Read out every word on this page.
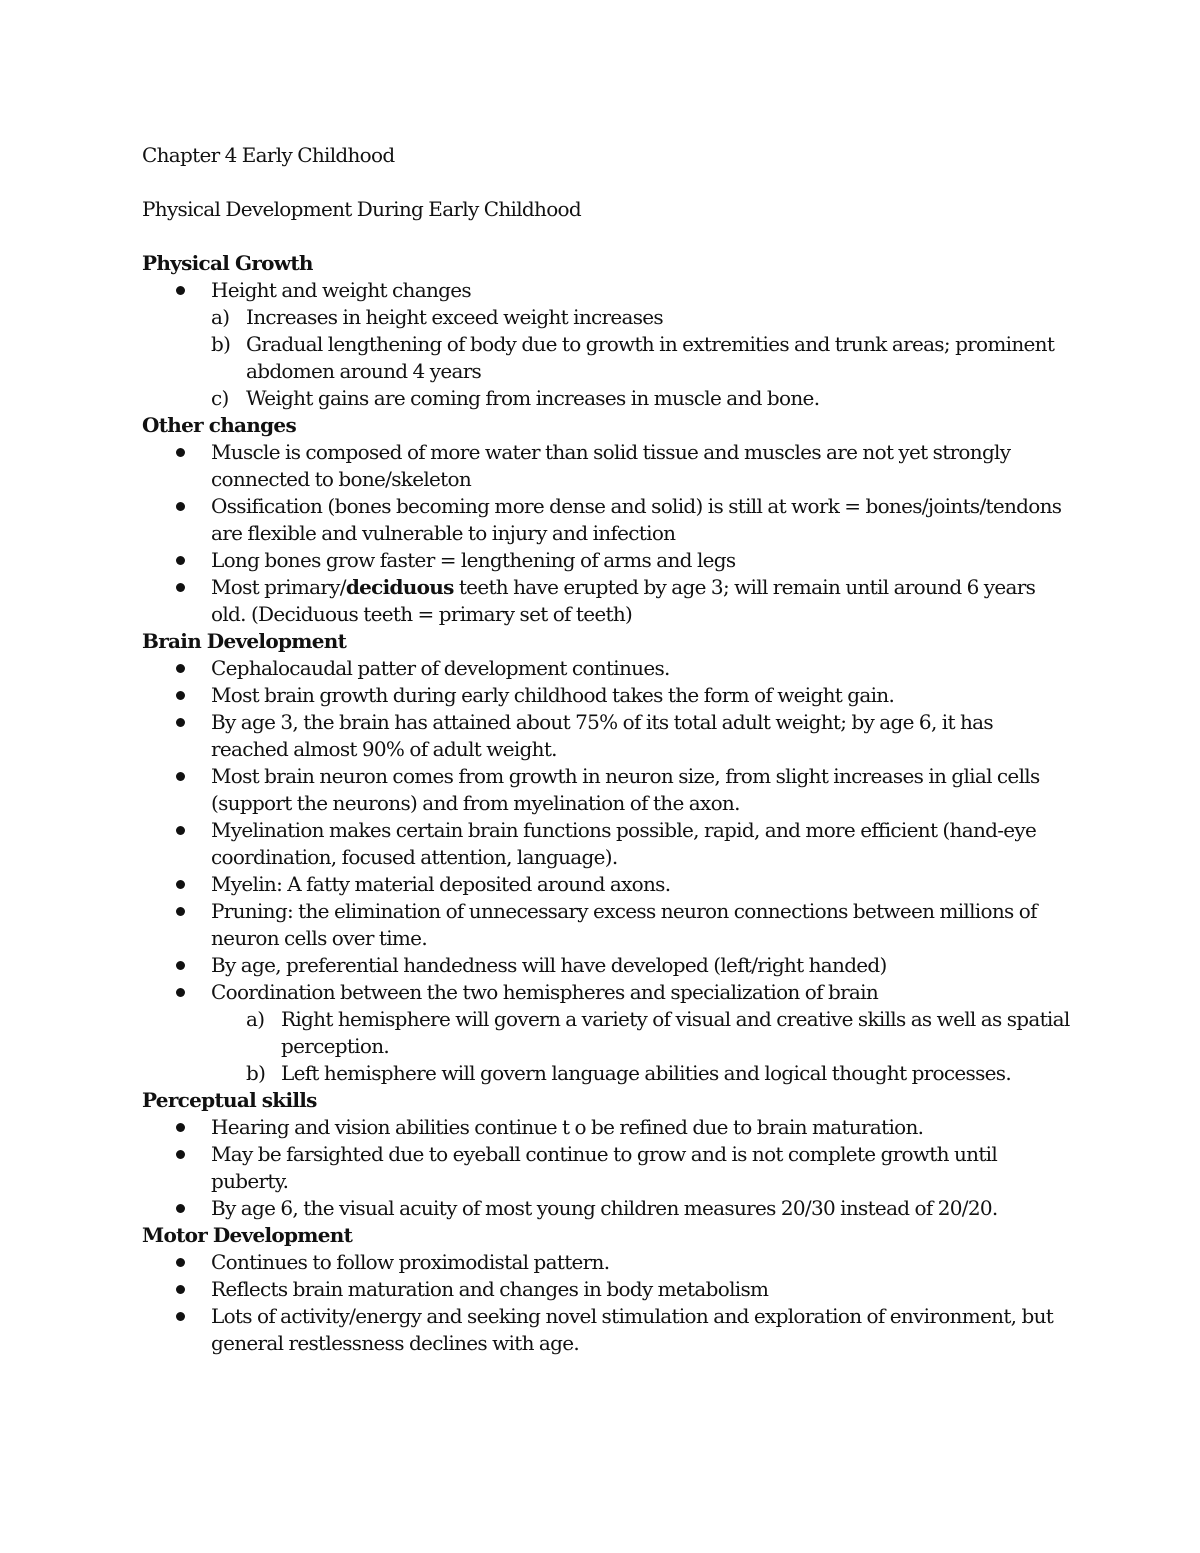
Chapter 4 Early Childhood

Physical Development During Early Childhood

Physical Growth

Height and weight changes
a) Increases in height exceed weight increases
b) Gradual lengthening of body due to growth in extremities and trunk areas; prominent abdomen around 4 years
c) Weight gains are coming from increases in muscle and bone.

Other changes

Muscle is composed of more water than solid tissue and muscles are not yet strongly connected to bone/skeleton
Ossification (bones becoming more dense and solid) is still at work = bones/joints/tendons are flexible and vulnerable to injury and infection
Long bones grow faster = lengthening of arms and legs
Most primary/deciduous teeth have erupted by age 3; will remain until around 6 years old. (Deciduous teeth = primary set of teeth)

Brain Development

Cephalocaudal patter of development continues.
Most brain growth during early childhood takes the form of weight gain.
By age 3, the brain has attained about 75% of its total adult weight; by age 6, it has reached almost 90% of adult weight.
Most brain neuron comes from growth in neuron size, from slight increases in glial cells (support the neurons) and from myelination of the axon.
Myelination makes certain brain functions possible, rapid, and more efficient (hand-eye coordination, focused attention, language).
Myelin: A fatty material deposited around axons.
Pruning: the elimination of unnecessary excess neuron connections between millions of neuron cells over time.
By age, preferential handedness will have developed (left/right handed)
Coordination between the two hemispheres and specialization of brain
a) Right hemisphere will govern a variety of visual and creative skills as well as spatial perception.
b) Left hemisphere will govern language abilities and logical thought processes.

Perceptual skills

Hearing and vision abilities continue t o be refined due to brain maturation.
May be farsighted due to eyeball continue to grow and is not complete growth until puberty.
By age 6, the visual acuity of most young children measures 20/30 instead of 20/20.

Motor Development

Continues to follow proximodistal pattern.
Reflects brain maturation and changes in body metabolism
Lots of activity/energy and seeking novel stimulation and exploration of environment, but general restlessness declines with age.
